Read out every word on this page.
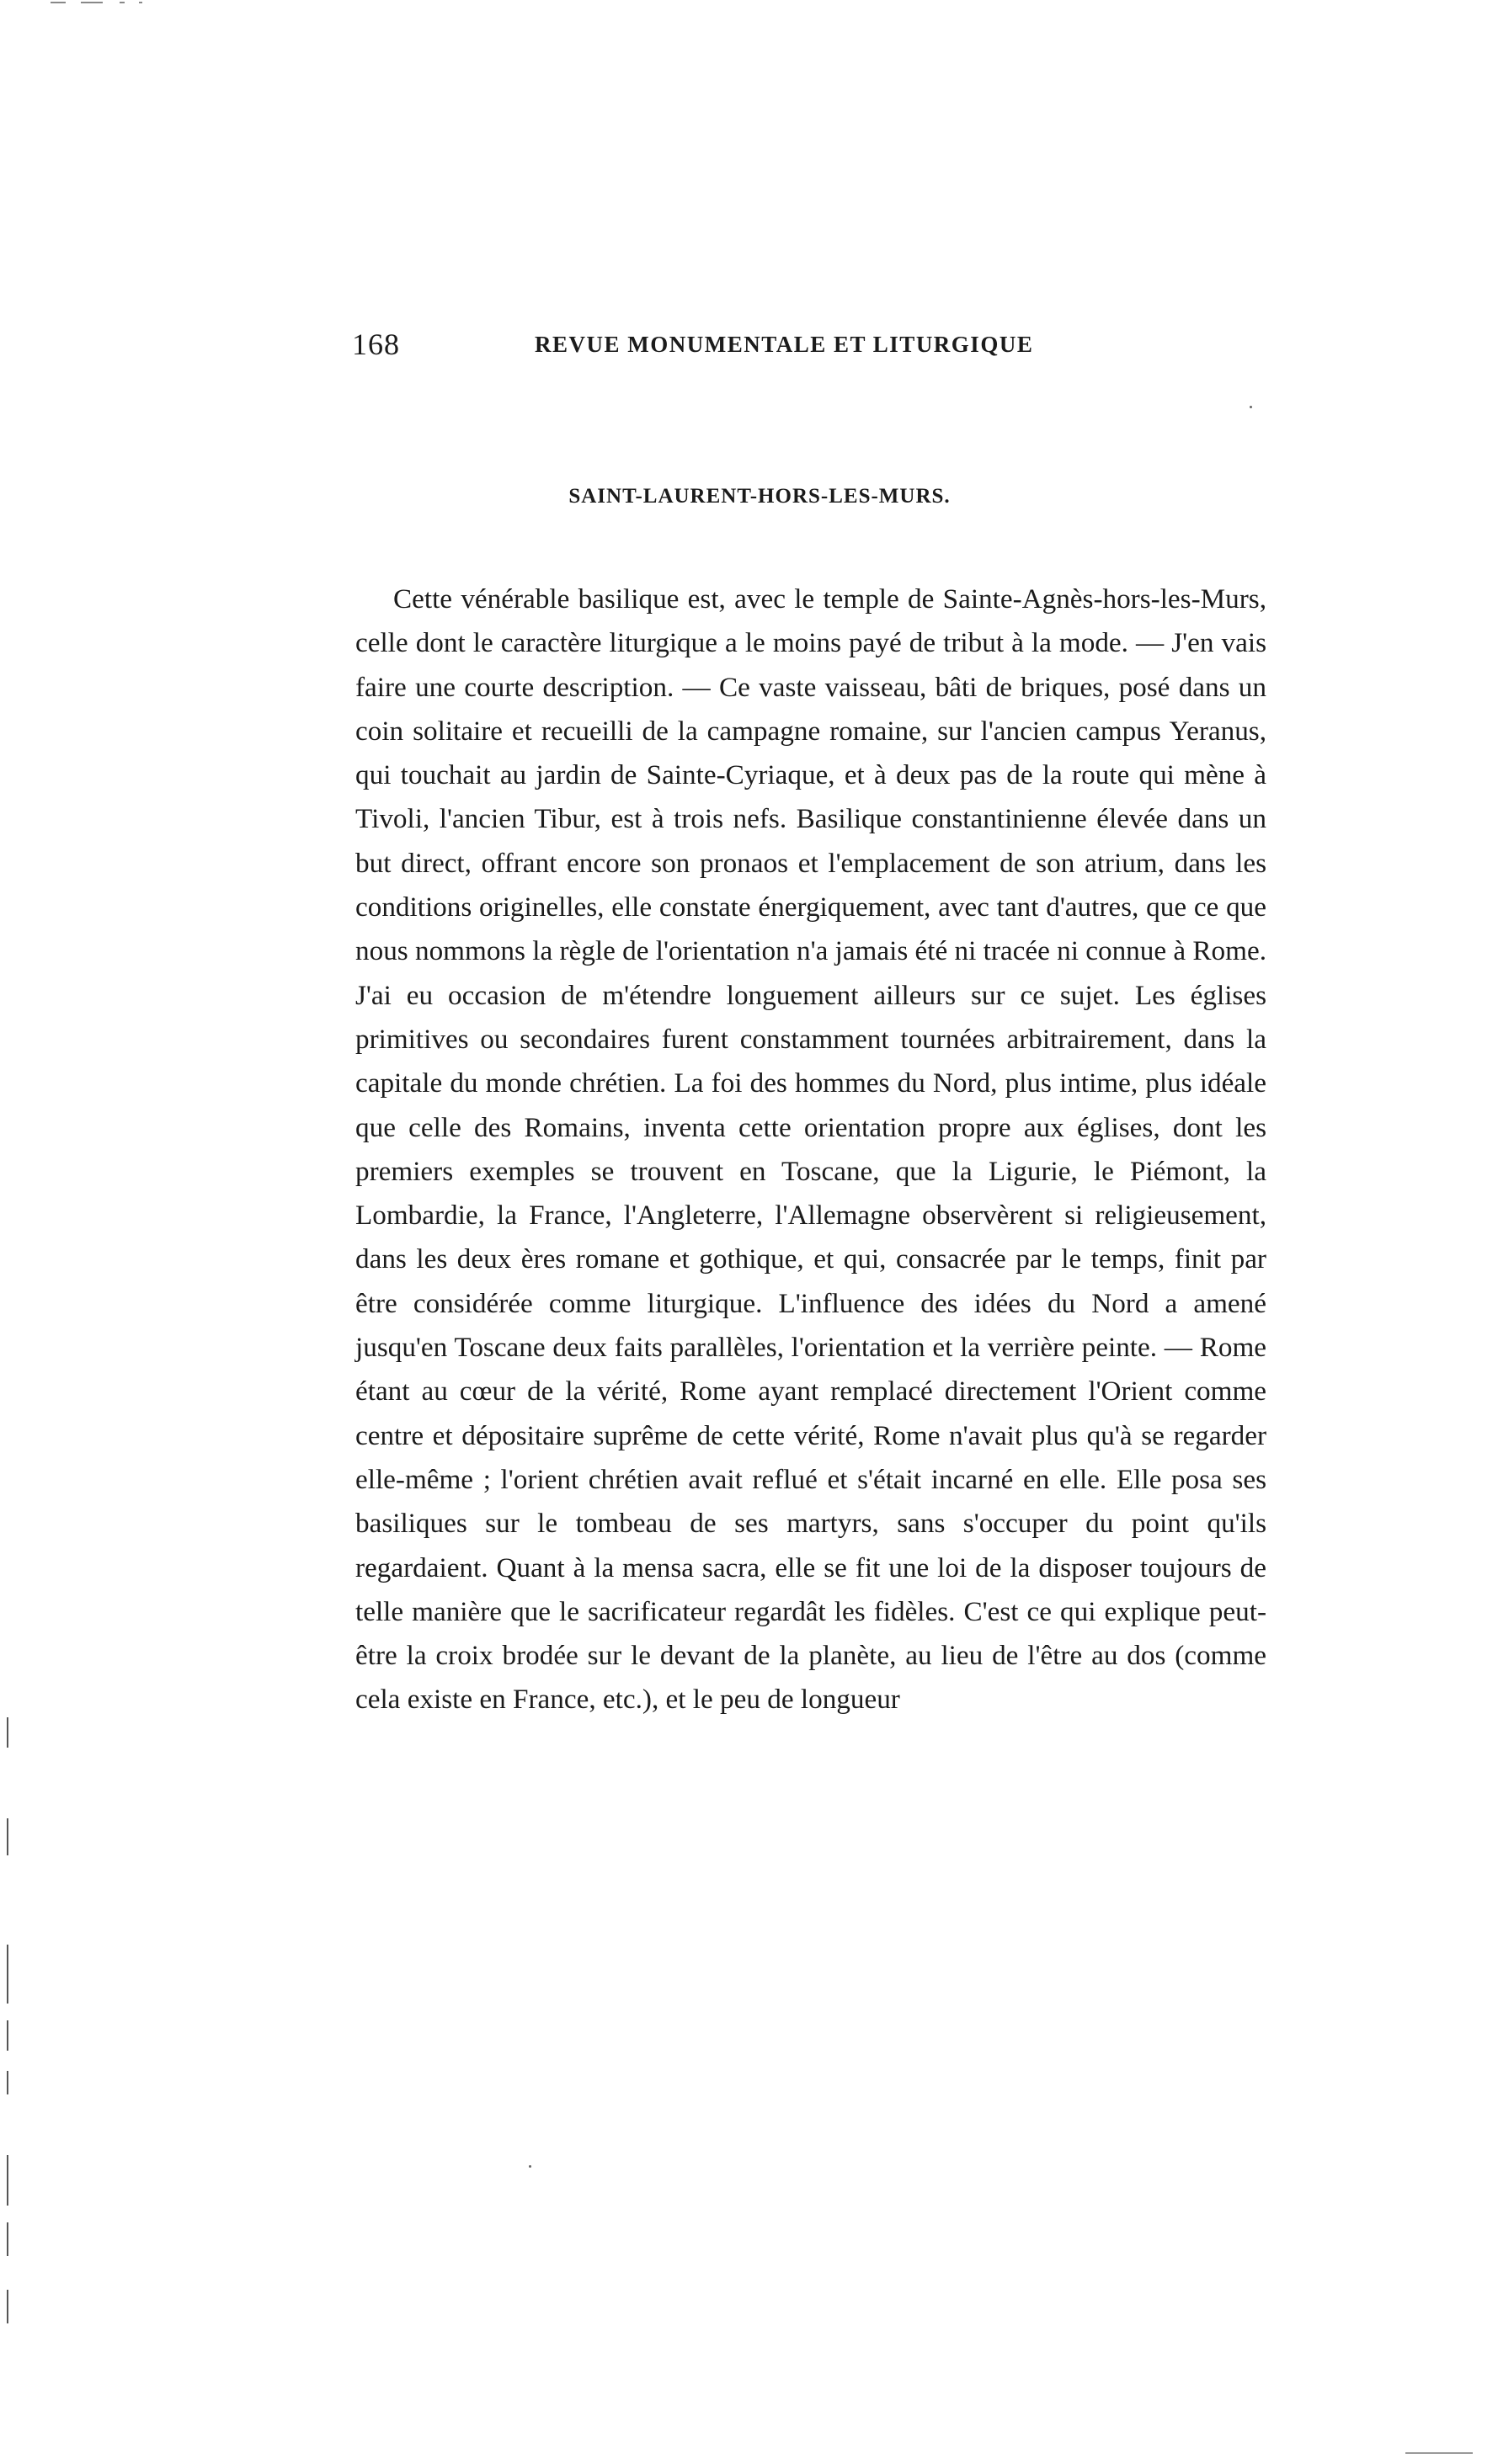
168	REVUE MONUMENTALE ET LITURGIQUE
SAINT-LAURENT-HORS-LES-MURS.

Cette vénérable basilique est, avec le temple de Sainte-Agnès-hors-les-Murs, celle dont le caractère liturgique a le moins payé de tribut à la mode. — J'en vais faire une courte description. — Ce vaste vaisseau, bâti de briques, posé dans un coin solitaire et recueilli de la campagne romaine, sur l'ancien campus Yeranus, qui touchait au jardin de Sainte-Cyriaque, et à deux pas de la route qui mène à Tivoli, l'ancien Tibur, est à trois nefs. Basilique constantinienne élevée dans un but direct, offrant encore son pronaos et l'emplacement de son atrium, dans les conditions originelles, elle constate énergiquement, avec tant d'autres, que ce que nous nommons la règle de l'orientation n'a jamais été ni tracée ni connue à Rome. J'ai eu occasion de m'étendre longuement ailleurs sur ce sujet. Les églises primitives ou secondaires furent constamment tournées arbitrairement, dans la capitale du monde chrétien. La foi des hommes du Nord, plus intime, plus idéale que celle des Romains, inventa cette orientation propre aux églises, dont les premiers exemples se trouvent en Toscane, que la Ligurie, le Piémont, la Lombardie, la France, l'Angleterre, l'Allemagne observèrent si religieusement, dans les deux ères romane et gothique, et qui, consacrée par le temps, finit par être considérée comme liturgique. L'influence des idées du Nord a amené jusqu'en Toscane deux faits parallèles, l'orientation et la verrière peinte. — Rome étant au cœur de la vérité, Rome ayant remplacé directement l'Orient comme centre et dépositaire suprême de cette vérité, Rome n'avait plus qu'à se regarder elle-même ; l'orient chrétien avait reflué et s'était incarné en elle. Elle posa ses basiliques sur le tombeau de ses martyrs, sans s'occuper du point qu'ils regardaient. Quant à la mensa sacra, elle se fit une loi de la disposer toujours de telle manière que le sacrificateur regardât les fidèles. C'est ce qui explique peut-être la croix brodée sur le devant de la planète, au lieu de l'être au dos (comme cela existe en France, etc.), et le peu de longueur
